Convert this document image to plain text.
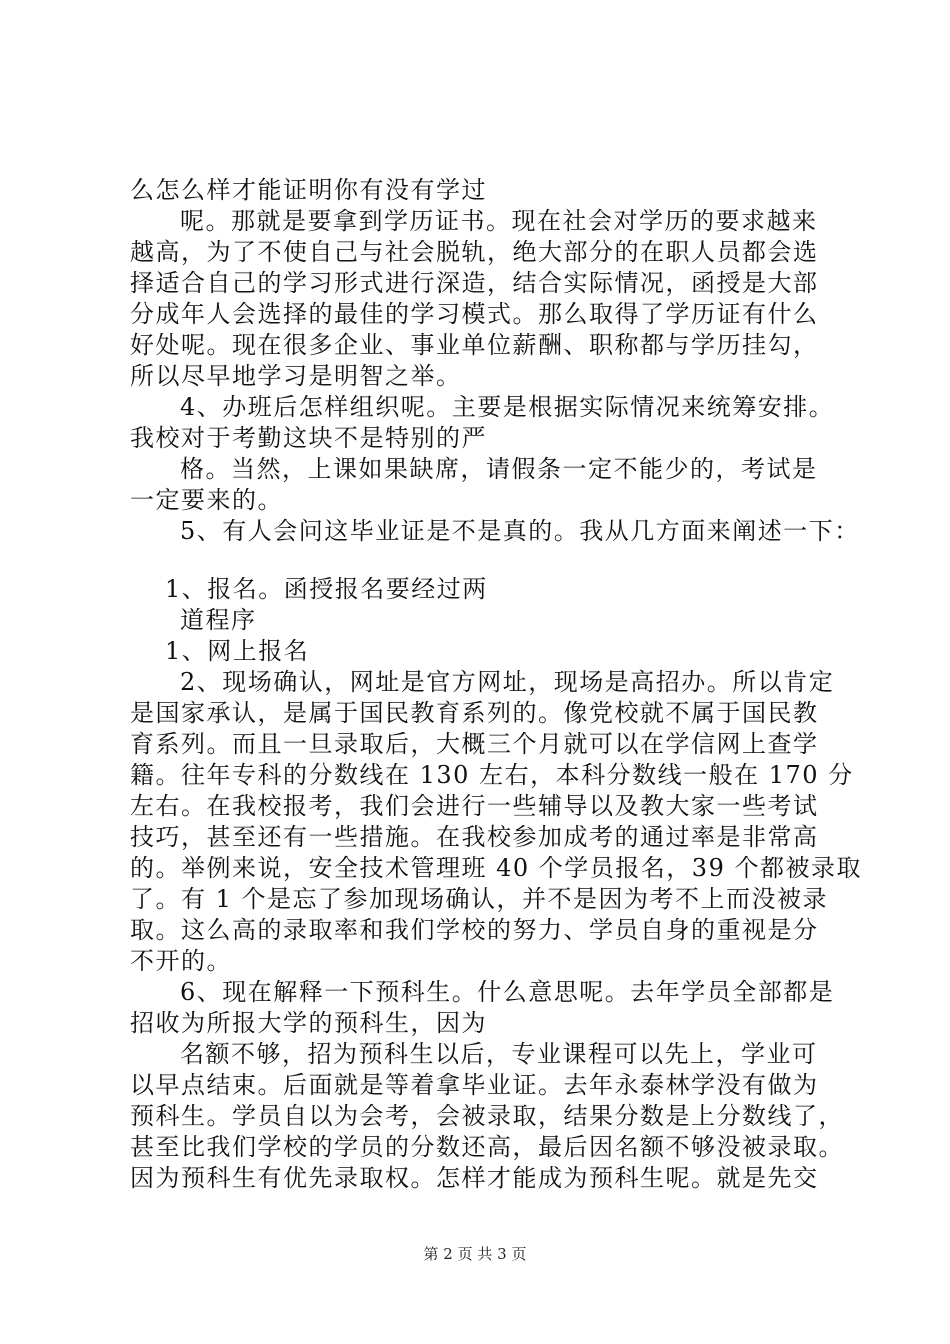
么怎么样才能证明你有没有学过
呢。那就是要拿到学历证书。现在社会对学历的要求越来
越高，为了不使自己与社会脱轨，绝大部分的在职人员都会选
择适合自己的学习形式进行深造，结合实际情况，函授是大部
分成年人会选择的最佳的学习模式。那么取得了学历证有什么
好处呢。现在很多企业、事业单位薪酬、职称都与学历挂勾，
所以尽早地学习是明智之举。
4、办班后怎样组织呢。主要是根据实际情况来统筹安排。
我校对于考勤这块不是特别的严
格。当然，上课如果缺席，请假条一定不能少的，考试是
一定要来的。
5、有人会问这毕业证是不是真的。我从几方面来阐述一下：
1、报名。函授报名要经过两
道程序
1、网上报名
2、现场确认，网址是官方网址，现场是高招办。所以肯定
是国家承认，是属于国民教育系列的。像党校就不属于国民教
育系列。而且一旦录取后，大概三个月就可以在学信网上查学
籍。往年专科的分数线在 130 左右，本科分数线一般在 170 分
左右。在我校报考，我们会进行一些辅导以及教大家一些考试
技巧，甚至还有一些措施。在我校参加成考的通过率是非常高
的。举例来说，安全技术管理班 40 个学员报名，39 个都被录取
了。有 1 个是忘了参加现场确认，并不是因为考不上而没被录
取。这么高的录取率和我们学校的努力、学员自身的重视是分
不开的。
6、现在解释一下预科生。什么意思呢。去年学员全部都是
招收为所报大学的预科生，因为
名额不够，招为预科生以后，专业课程可以先上，学业可
以早点结束。后面就是等着拿毕业证。去年永泰林学没有做为
预科生。学员自以为会考，会被录取，结果分数是上分数线了，
甚至比我们学校的学员的分数还高，最后因名额不够没被录取。
因为预科生有优先录取权。怎样才能成为预科生呢。就是先交
第 2 页 共 3 页
